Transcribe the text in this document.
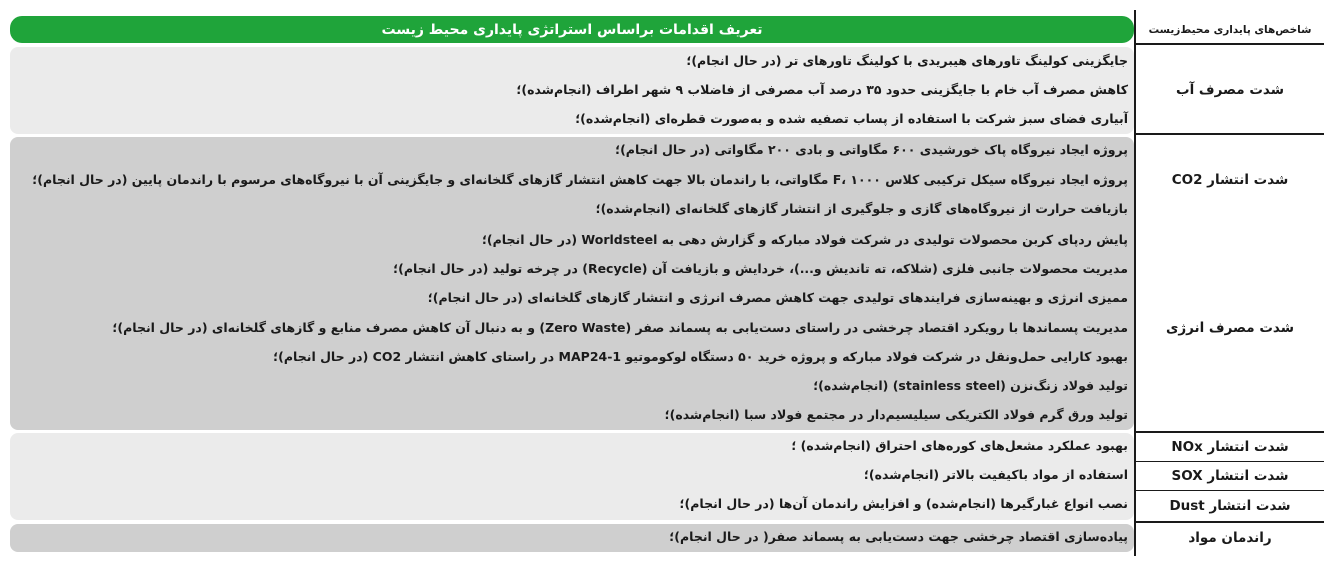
تعریف اقدامات براساس استراتژی پایداری محیط زیست	شاخص‌های پایداری محیط‌زیست
شدت مصرف آب
شدت انتشار CO2
شدت مصرف انرژی
شدت انتشار NOx
شدت انتشار SOX
شدت انتشار Dust
راندمان مواد
جایگزینی کولینگ تاورهای هیبریدی با کولینگ تاورهای تر (در حال انجام)؛
کاهش مصرف آب خام با جایگزینی حدود ۳۵ درصد آب مصرفی از فاضلاب ۹ شهر اطراف (انجام‌شده)؛
آبیاری فضای سبز شرکت با استفاده از پساب تصفیه شده و به‌صورت قطره‌ای (انجام‌شده)؛
پروژه ایجاد نیروگاه پاک خورشیدی ۶۰۰ مگاواتی و بادی ۲۰۰ مگاواتی (در حال انجام)؛
پروژه ایجاد نیروگاه سیکل ترکیبی کلاس F، ۱۰۰۰ مگاواتی، با راندمان بالا جهت کاهش انتشار گازهای گلخانه‌ای و جایگزینی آن با نیروگاه‌های مرسوم با راندمان پایین (در حال انجام)؛
بازیافت حرارت از نیروگاه‌های گازی و جلوگیری از انتشار گازهای گلخانه‌ای (انجام‌شده)؛
پایش ردپای کربن محصولات تولیدی در شرکت فولاد مبارکه و گزارش دهی به Worldsteel (در حال انجام)؛
مدیریت محصولات جانبی فلزی (شلاکه، ته تاندیش و...)، خردایش و بازیافت آن (Recycle) در چرخه تولید (در حال انجام)؛
ممیزی انرژی و بهینه‌سازی فرایندهای تولیدی جهت کاهش مصرف انرژی و انتشار گازهای گلخانه‌ای (در حال انجام)؛
مدیریت پسماندها با رویکرد اقتصاد چرخشی در راستای دست‌یابی به پسماند صفر (Zero Waste) و به دنبال آن کاهش مصرف منابع و گازهای گلخانه‌ای (در حال انجام)؛
بهبود کارایی حمل‌ونقل در شرکت فولاد مبارکه و پروژه خرید ۵۰ دستگاه لوکوموتیو MAP24-1 در راستای کاهش انتشار CO2 (در حال انجام)؛
تولید فولاد زنگ‌نزن (stainless steel) (انجام‌شده)؛
تولید ورق گرم فولاد الکتریکی سیلیسیم‌دار در مجتمع فولاد سبا (انجام‌شده)؛
بهبود عملکرد مشعل‌های کوره‌های احتراق (انجام‌شده) ؛
استفاده از مواد باکیفیت بالاتر (انجام‌شده)؛
نصب انواع غبارگیرها (انجام‌شده) و افزایش راندمان آن‌ها (در حال انجام)؛
پیاده‌سازی اقتصاد چرخشی جهت دست‌یابی به پسماند صفر( در حال انجام)؛
